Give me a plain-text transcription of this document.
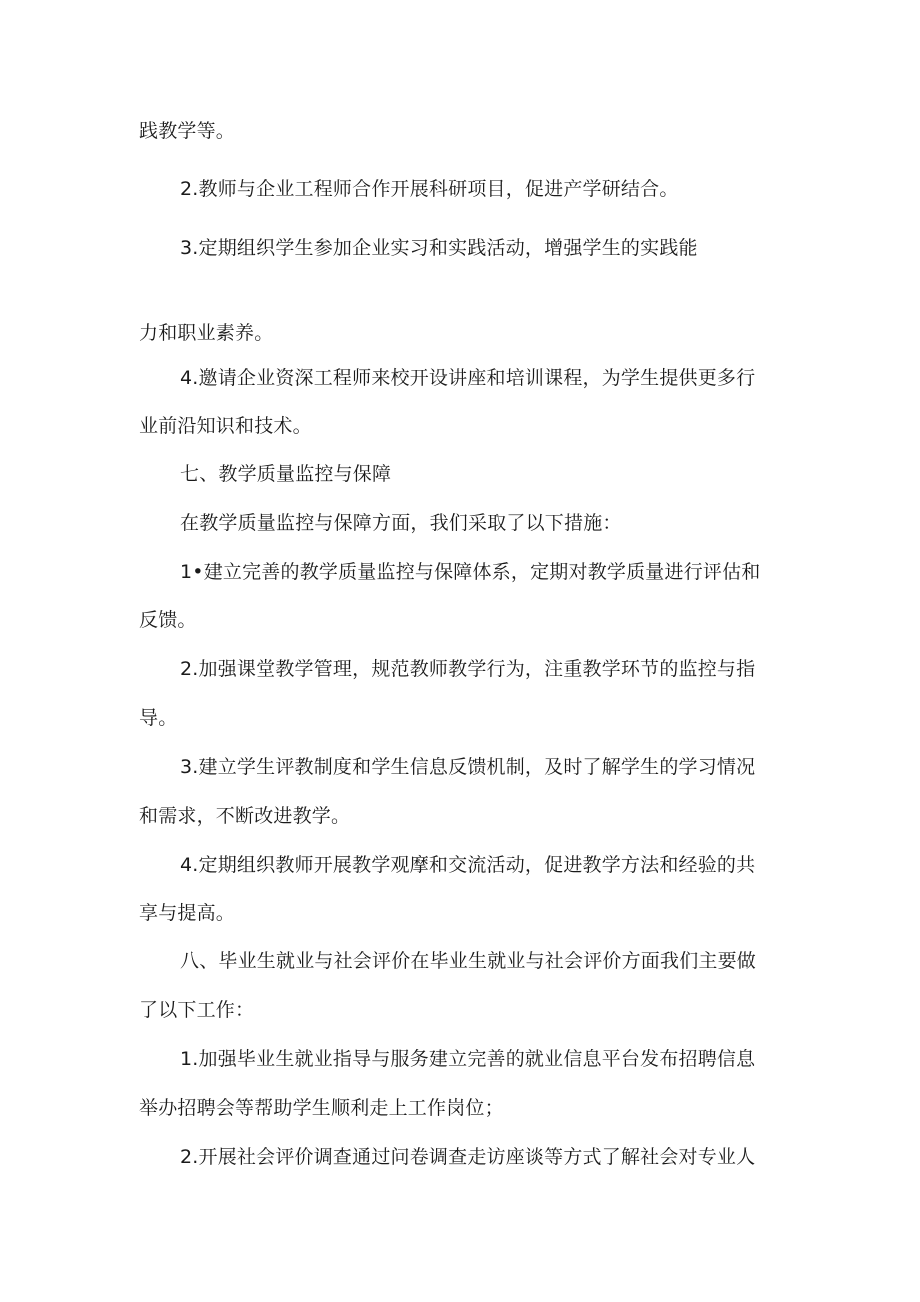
践教学等。
2.教师与企业工程师合作开展科研项目，促进产学研结合。
3.定期组织学生参加企业实习和实践活动，增强学生的实践能
力和职业素养。
4.邀请企业资深工程师来校开设讲座和培训课程，为学生提供更多行
业前沿知识和技术。
七、教学质量监控与保障
在教学质量监控与保障方面，我们采取了以下措施：
1•建立完善的教学质量监控与保障体系，定期对教学质量进行评估和
反馈。
2.加强课堂教学管理，规范教师教学行为，注重教学环节的监控与指
导。
3.建立学生评教制度和学生信息反馈机制，及时了解学生的学习情况
和需求，不断改进教学。
4.定期组织教师开展教学观摩和交流活动，促进教学方法和经验的共
享与提高。
八、毕业生就业与社会评价在毕业生就业与社会评价方面我们主要做
了以下工作：
1.加强毕业生就业指导与服务建立完善的就业信息平台发布招聘信息
举办招聘会等帮助学生顺利走上工作岗位；
2.开展社会评价调查通过问卷调查走访座谈等方式了解社会对专业人
